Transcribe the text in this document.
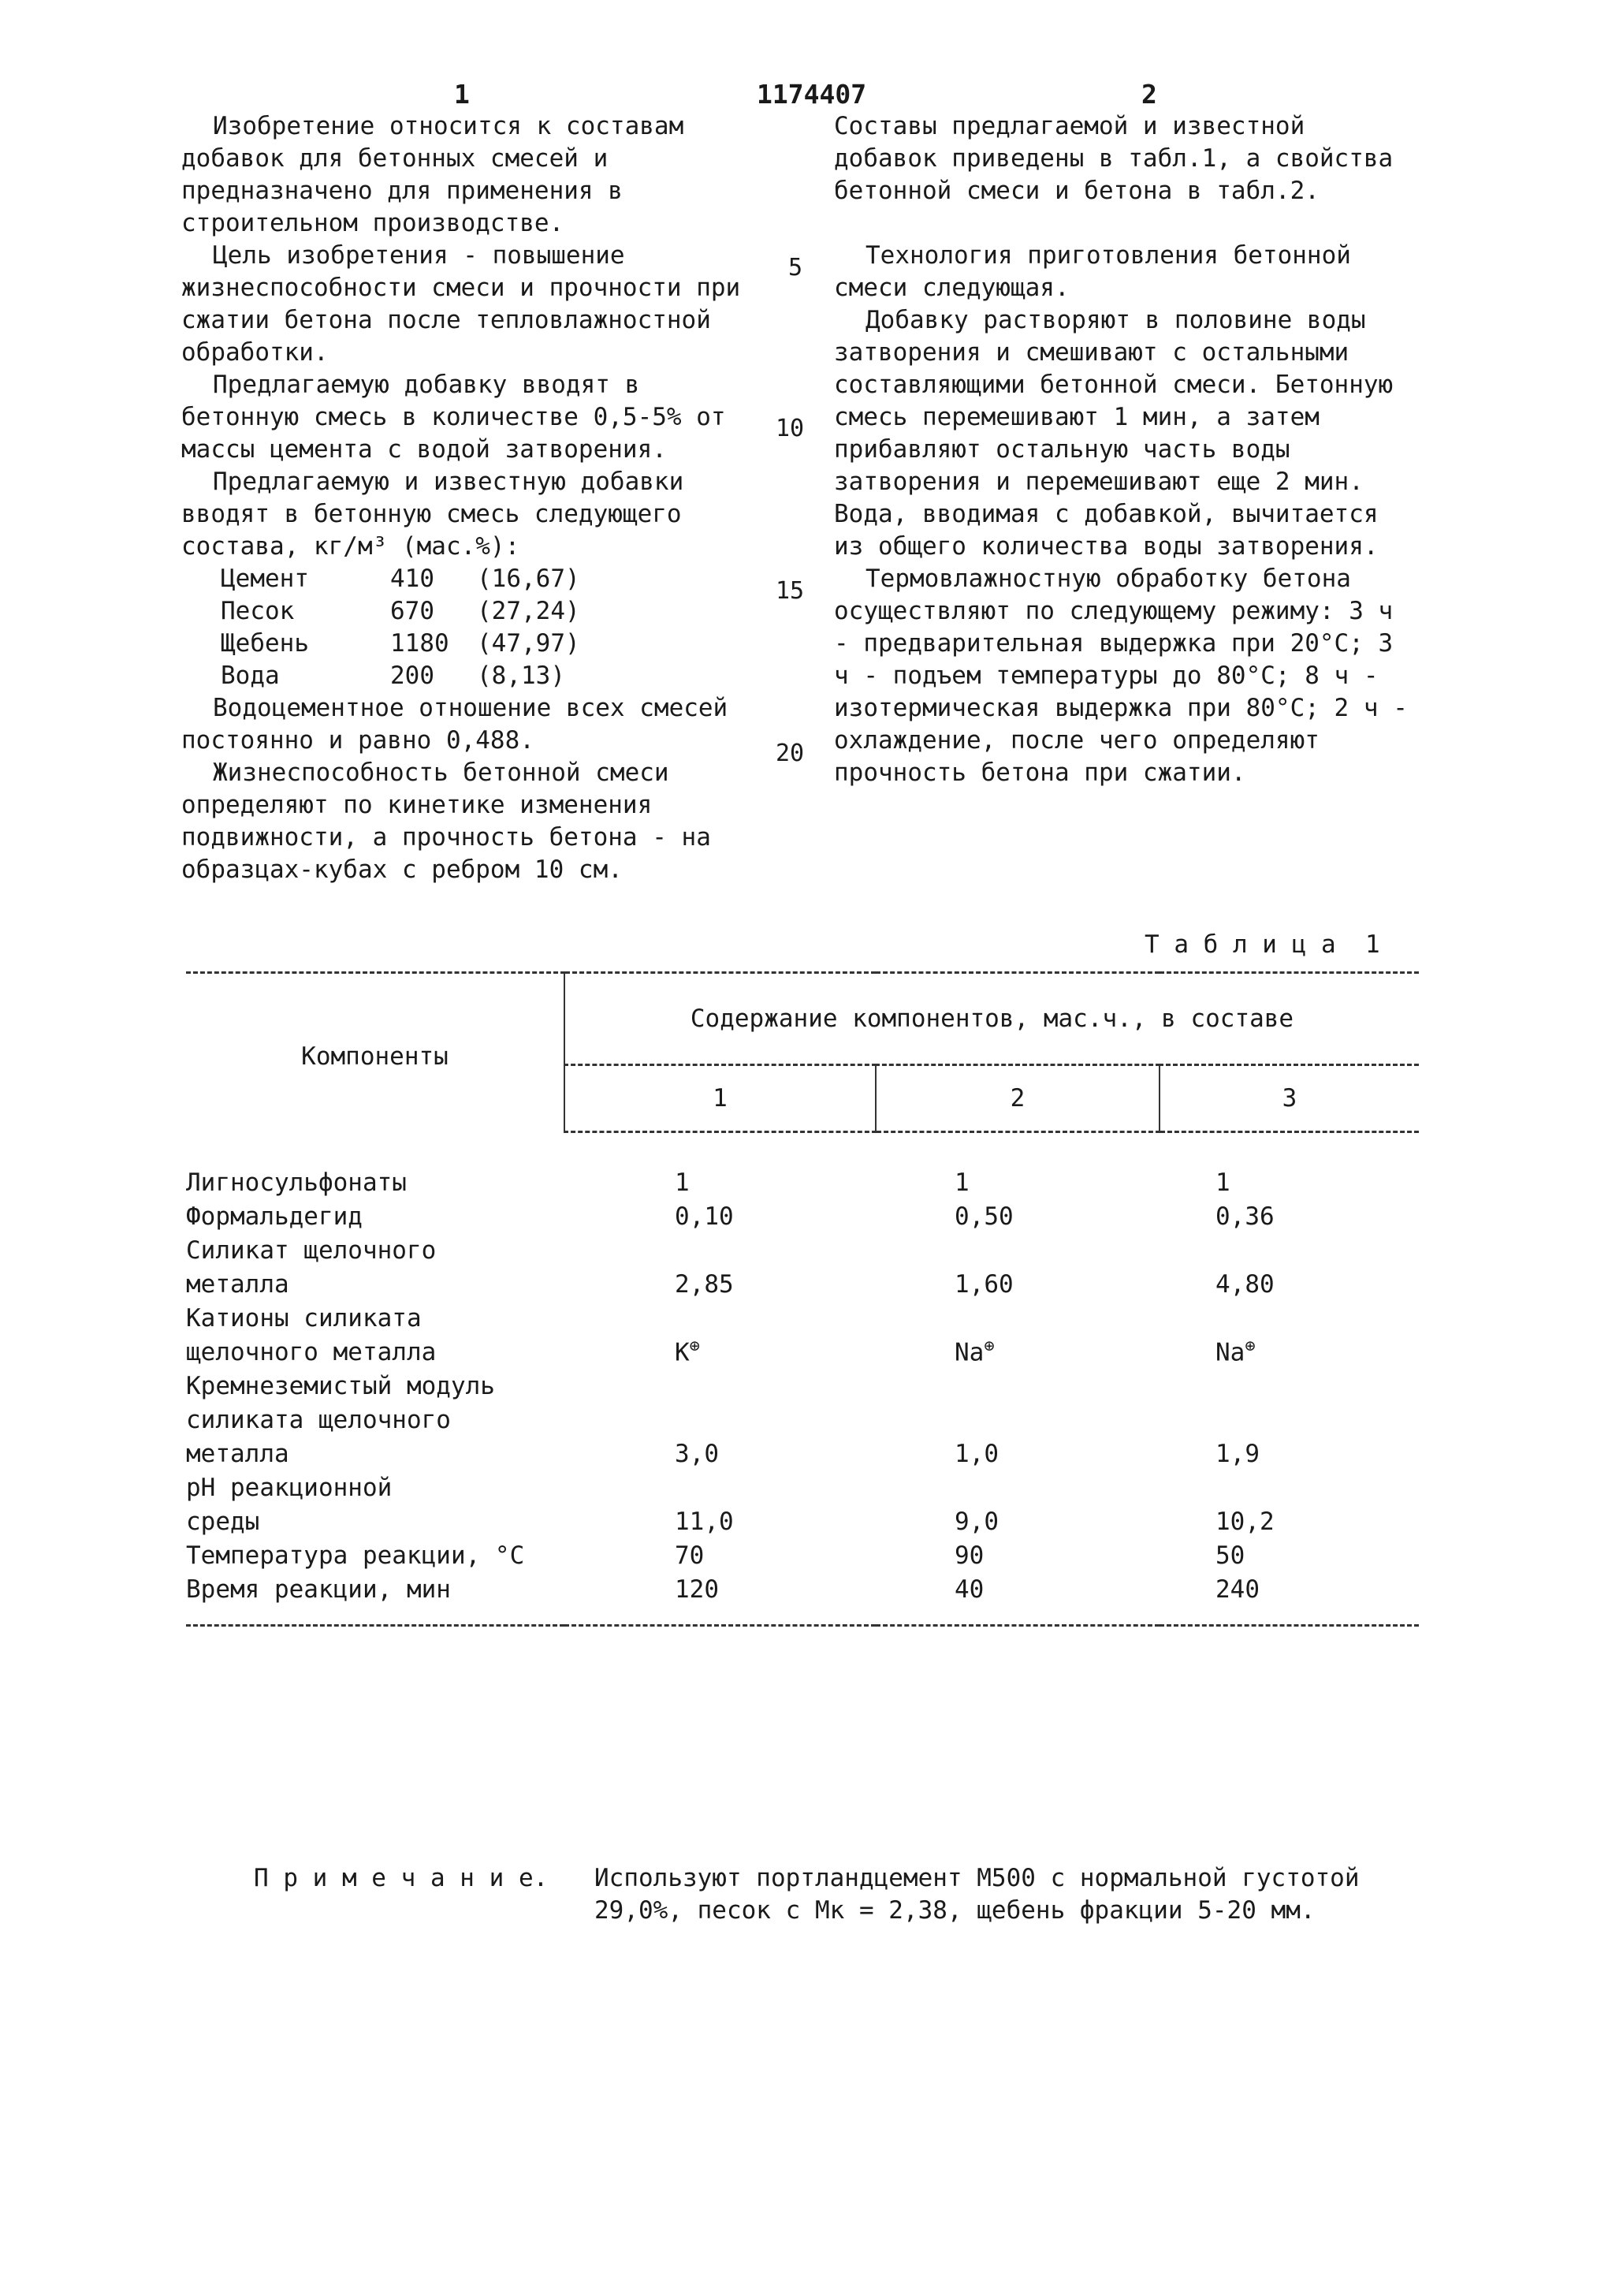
1	1174407	2

Изобретение относится к составам добавок для бетонных смесей и предназначено для применения в строительном производстве.

Цель изобретения - повышение жизнеспособности смеси и прочности при сжатии бетона после тепловлажностной обработки.

Предлагаемую добавку вводят в бетонную смесь в количестве 0,5-5% от массы цемента с водой затворения.

Предлагаемую и известную добавки вводят в бетонную смесь следующего состава, кг/м³ (мас.%):

Цемент	410	(16,67)
Песок	670	(27,24)
Щебень	1180	(47,97)
Вода	200	(8,13)

Водоцементное отношение всех смесей постоянно и равно 0,488.

Жизнеспособность бетонной смеси определяют по кинетике изменения подвижности, а прочность бетона - на образцах-кубах с ребром 10 см.

5
10
15
20

Составы предлагаемой и известной добавок приведены в табл.1, а свойства бетонной смеси и бетона в табл.2.

Технология приготовления бетонной смеси следующая.

Добавку растворяют в половине воды затворения и смешивают с остальными составляющими бетонной смеси. Бетонную смесь перемешивают 1 мин, а затем прибавляют остальную часть воды затворения и перемешивают еще 2 мин. Вода, вводимая с добавкой, вычитается из общего количества воды затворения.

Термовлажностную обработку бетона осуществляют по следующему режиму: 3 ч - предварительная выдержка при 20°С; 3 ч - подъем температуры до 80°С; 8 ч - изотермическая выдержка при 80°С; 2 ч - охлаждение, после чего определяют прочность бетона при сжатии.

Т а б л и ц а  1
Компоненты	Содержание компонентов, мас.ч., в составе		
	1	2	3
Лигносульфонаты	1	1	1
Формальдегид	0,10	0,50	0,36
Силикат щелочного металла	2,85	1,60	4,80
Катионы силиката щелочного металла	K⊕	Na⊕	Na⊕
Кремнеземистый модуль силиката щелочного металла	3,0	1,0	1,9
pH реакционной среды	11,0	9,0	10,2
Температура реакции, °С	70	90	50
Время реакции, мин	120	40	240
П р и м е ч а н и е. Используют портландцемент М500 с нормальной густотой 29,0%, песок с Мк = 2,38, щебень фракции 5-20 мм.
